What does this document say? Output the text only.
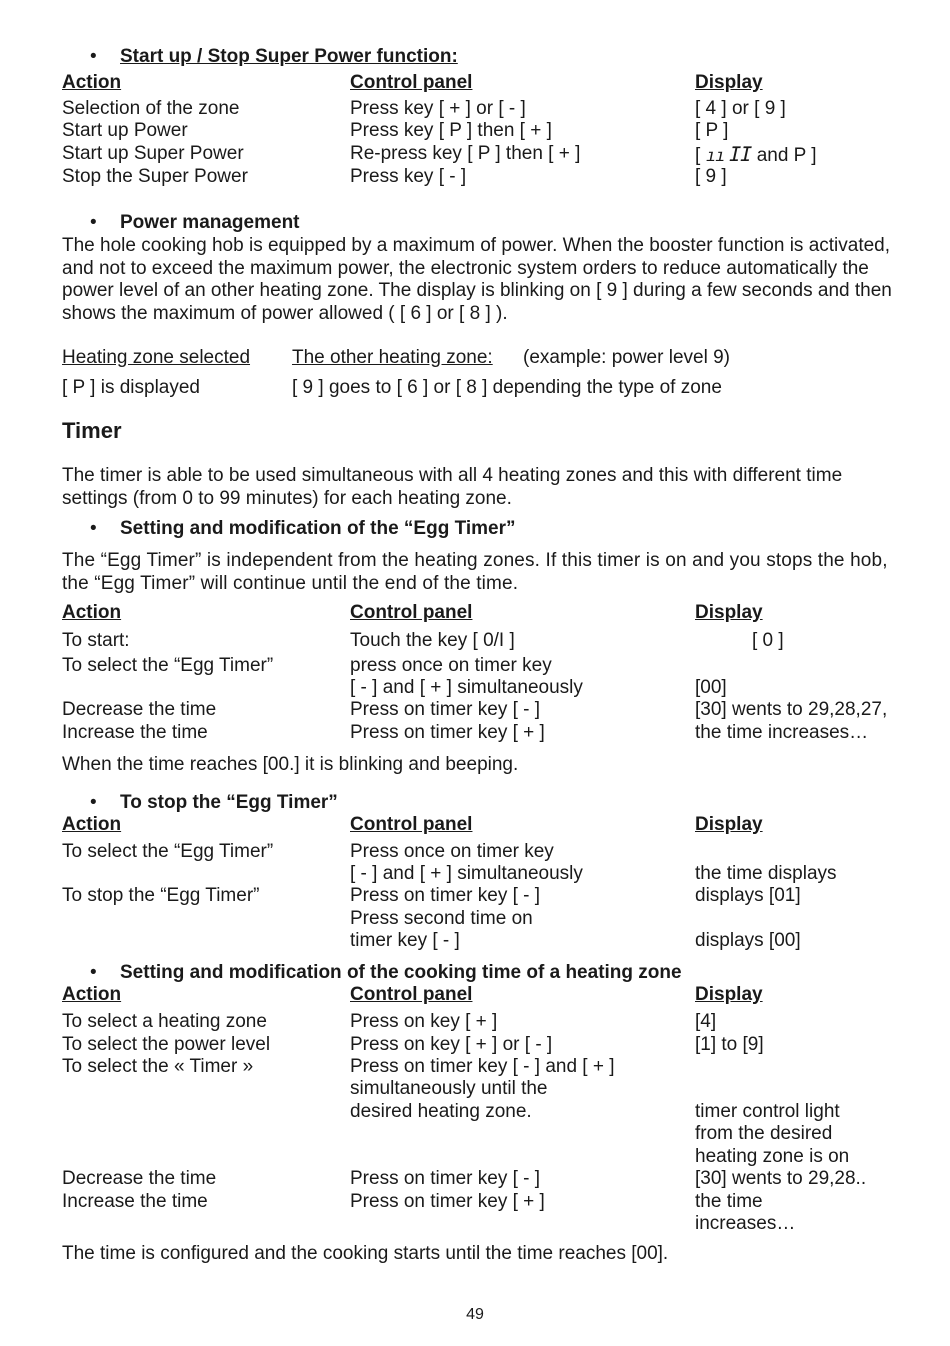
• Start up / Stop Super Power function:
Action	Control panel	Display
Selection of the zone	Press key [ + ] or [ - ]	[ 4 ] or [ 9 ]
Start up Power	Press key [ P ] then [ + ]	[ P ]
Start up Super Power	Re-press key [ P ] then [ + ]	[ ıı ΙΙ and P ]
Stop the Super Power	Press key [ - ]	[ 9 ]
• Power management
The hole cooking hob is equipped by a maximum of power. When the booster function is activated, and not to exceed the maximum power, the electronic system orders to reduce automatically the power level of an other heating zone. The display is blinking on [ 9 ] during a few seconds and then shows the maximum of power allowed ( [ 6 ] or [ 8 ] ).
Heating zone selected The other heating zone: (example: power level 9)
[ P ] is displayed	[ 9 ] goes to [ 6 ] or [ 8 ] depending the type of zone
Timer
The timer is able to be used simultaneous with all 4 heating zones and this with different time settings (from 0 to 99 minutes) for each heating zone.
• Setting and modification of the “Egg Timer”
The “Egg Timer” is independent from the heating zones. If this timer is on and you stops the hob, the “Egg Timer” will continue until the end of the time.
Action	Control panel	Display
To start:	Touch the key [ 0/I ]	[ 0 ]
To select the “Egg Timer”	press once on timer key
[ - ] and [ + ] simultaneously	[00]
Decrease the time	Press on timer key [ - ]	[30] wents to 29,28,27,
Increase the time	Press on timer key [ + ]	the time increases…
When the time reaches [00.] it is blinking and beeping.
• To stop the “Egg Timer”
Action	Control panel	Display
To select the “Egg Timer”	Press once on timer key
[ - ] and [ + ] simultaneously	the time displays
To stop the “Egg Timer”	Press on timer key [ - ]	displays [01]
Press second time on
timer key [ - ]	displays [00]
• Setting and modification of the cooking time of a heating zone
Action	Control panel	Display
To select a heating zone	Press on key [ + ]	[4]
To select the power level	Press on key [ + ] or [ - ]	[1] to [9]
To select the « Timer »	Press on timer key [ - ] and [ + ]
simultaneously until the
desired heating zone.	timer control light
from the desired
heating zone is on
Decrease the time	Press on timer key [ - ]	[30] wents to 29,28..
Increase the time	Press on timer key [ + ]	the time
increases…
The time is configured and the cooking starts until the time reaches [00].
49
